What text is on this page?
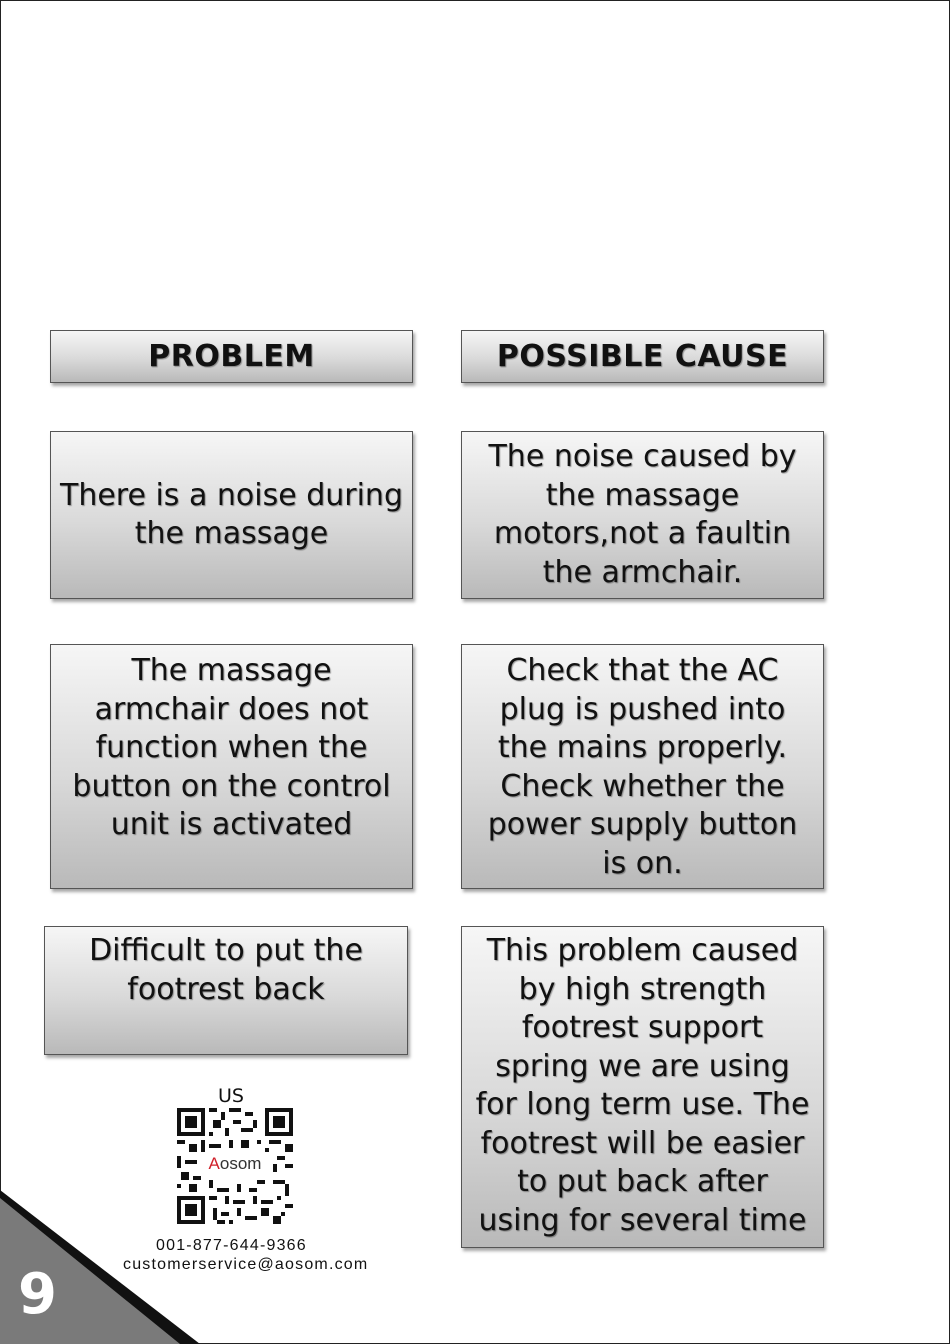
PROBLEM	POSSIBLE CAUSE
There is a noise during
the massage
The noise caused by
the massage
motors,not a faultin
the armchair.
The massage
armchair does not
function when the
button on the control
unit is activated
Check that the AC
plug is pushed into
the mains properly.
Check whether the
power supply button
is on.
Difficult to put the
footrest back
This problem caused
by high strength
footrest support
spring we are using
for long term use. The
footrest will be easier
to put back after
using for several time
US
Aosom
001-877-644-9366
customerservice@aosom.com
9
